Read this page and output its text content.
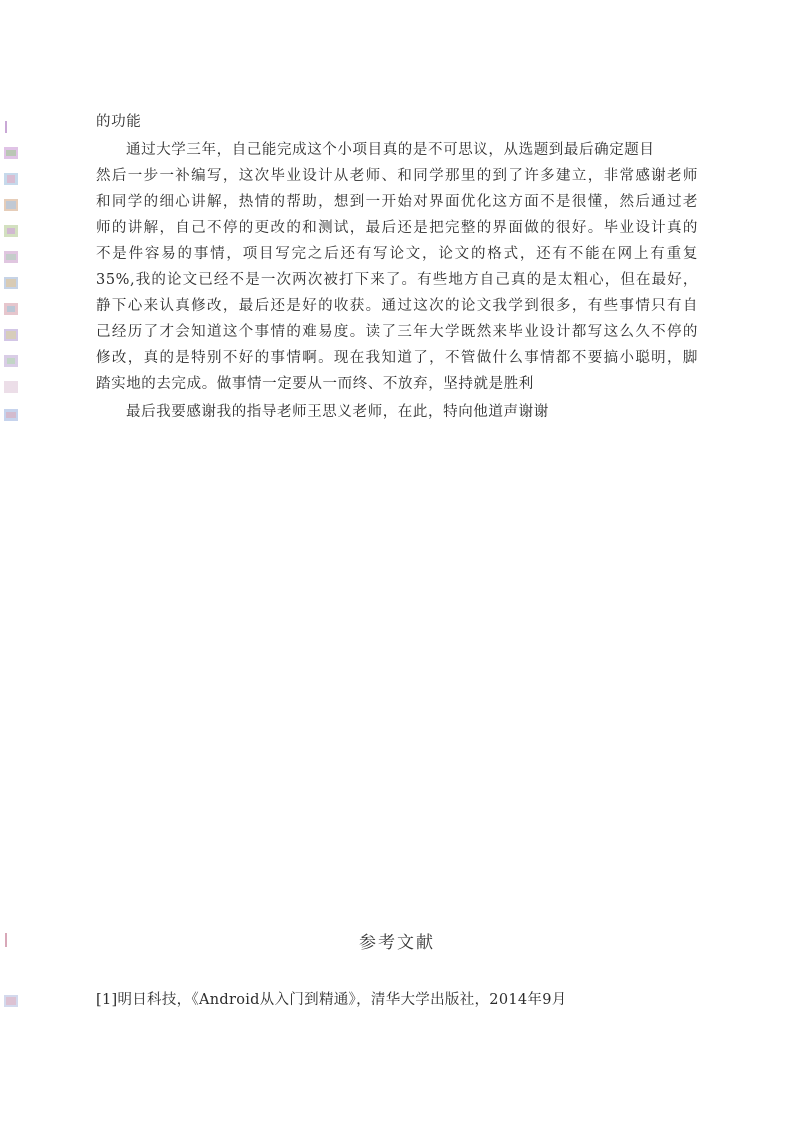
的功能
通过大学三年，自己能完成这个小项目真的是不可思议，从选题到最后确定题目
然后一步一补编写，这次毕业设计从老师、和同学那里的到了许多建立，非常感谢老师
和同学的细心讲解，热情的帮助，想到一开始对界面优化这方面不是很懂，然后通过老
师的讲解，自己不停的更改的和测试，最后还是把完整的界面做的很好。毕业设计真的
不是件容易的事情，项目写完之后还有写论文，论文的格式，还有不能在网上有重复
35%,我的论文已经不是一次两次被打下来了。有些地方自己真的是太粗心，但在最好，
静下心来认真修改，最后还是好的收获。通过这次的论文我学到很多，有些事情只有自
己经历了才会知道这个事情的难易度。读了三年大学既然来毕业设计都写这么久不停的
修改，真的是特别不好的事情啊。现在我知道了，不管做什么事情都不要搞小聪明，脚
踏实地的去完成。做事情一定要从一而终、不放弃，坚持就是胜利
最后我要感谢我的指导老师王思义老师，在此，特向他道声谢谢
参考文献
[1]明日科技，《Android从入门到精通》，清华大学出版社，2014年9月
